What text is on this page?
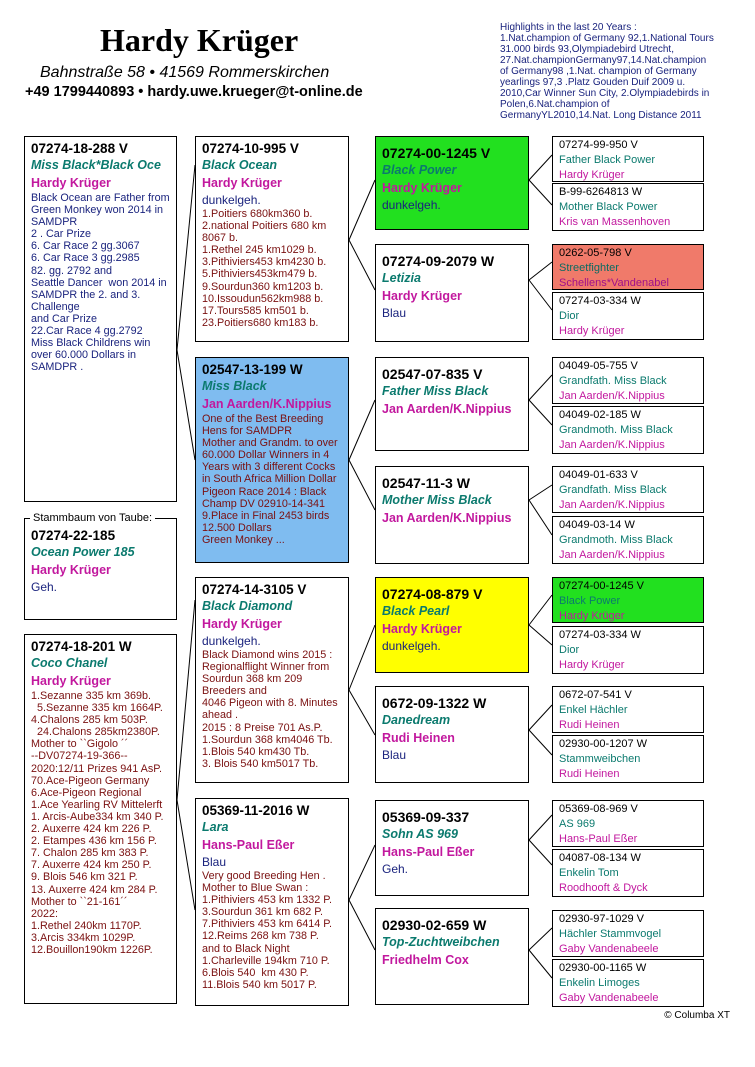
Hardy Krüger
Bahnstraße 58 • 41569 Rommerskirchen
+49 1799440893 • hardy.uwe.krueger@t-online.de
Highlights in the last 20 Years :
1.Nat.champion of Germany 92,1.National Tours 31.000 birds 93,Olympiadebird Utrecht, 27.Nat.championGermany97,14.Nat.champion of Germany98 ,1.Nat. champion of Germany yearlings 97,3 .Platz Gouden Duif 2009 u. 2010,Car Winner Sun City, 2.Olympiadebirds in Polen,6.Nat.champion of GermanyYL2010,14.Nat. Long Distance 2011
07274-18-288 V
Miss Black*Black Oce
Hardy Krüger
Black Ocean are Father from Green Monkey won 2014 in SAMDPR
2 . Car Prize
6. Car Race 2 gg.3067
6. Car Race 3 gg.2985
82. gg. 2792 and
Seattle Dancer  won 2014 in SAMDPR the 2. and 3. Challenge
and Car Prize
22.Car Race 4 gg.2792
Miss Black Childrens win over 60.000 Dollars in SAMDPR .
07274-22-185
Ocean Power 185
Hardy Krüger
Geh.
Stammbaum von Taube:
07274-18-201 W
Coco Chanel
Hardy Krüger
1.Sezanne 335 km 369b.
5.Sezanne 335 km 1664P.
4.Chalons 285 km 503P.
24.Chalons 285km2380P.
Mother to ``Gigolo ´´
--DV07274-19-366--
2020:12/11 Prizes 941 AsP.
70.Ace-Pigeon Germany
6.Ace-Pigeon Regional
1.Ace Yearling RV Mittelerft
1. Arcis-Aube334 km 340 P.
2. Auxerre 424 km 226 P.
2. Etampes 436 km 156 P.
7. Chalon 285 km 383 P.
7. Auxerre 424 km 250 P.
9. Blois 546 km 321 P.
13. Auxerre 424 km 284 P.
Mother to ``21-161´´
2022:
1.Rethel 240km 1170P.
3.Arcis 334km 1029P.
12.Bouillon190km 1226P.
07274-10-995 V
Black Ocean
Hardy Krüger
dunkelgeh.
1.Poitiers 680km360 b.
2.national Poitiers 680 km 8067 b.
1.Rethel 245 km1029 b.
3.Pithiviers453 km4230 b.
5.Pithiviers453km479 b.
9.Sourdun360 km1203 b.
10.Issoudun562km988 b.
17.Tours585 km501 b.
23.Poitiers680 km183 b.
02547-13-199 W
Miss Black
Jan Aarden/K.Nippius
One of the Best Breeding Hens for SAMDPR
Mother and Grandm. to over 60.000 Dollar Winners in 4 Years with 3 different Cocks in South Africa Million Dollar Pigeon Race 2014 : Black Champ DV 02910-14-341
9.Place in Final 2453 birds 12.500 Dollars
Green Monkey ...
07274-14-3105 V
Black Diamond
Hardy Krüger
dunkelgeh.
Black Diamond wins 2015 : Regionalflight Winner from Sourdun 368 km 209 Breeders and
4046 Pigeon with 8. Minutes ahead .
2015 : 8 Preise 701 As.P.
1.Sourdun 368 km4046 Tb.
1.Blois 540 km430 Tb.
3. Blois 540 km5017 Tb.
05369-11-2016 W
Lara
Hans-Paul Eßer
Blau
Very good Breeding Hen .
Mother to Blue Swan :
1.Pithiviers 453 km 1332 P.
3.Sourdun 361 km 682 P.
7.Pithiviers 453 km 6414 P.
12.Reims 268 km 738 P.
and to Black Night
1.Charleville 194km 710 P.
6.Blois 540  km 430 P.
11.Blois 540 km 5017 P.
07274-00-1245 V
Black Power
Hardy Krüger
dunkelgeh.
07274-09-2079 W
Letizia
Hardy Krüger
Blau
02547-07-835 V
Father Miss Black
Jan Aarden/K.Nippius
02547-11-3 W
Mother Miss Black
Jan Aarden/K.Nippius
07274-08-879 V
Black Pearl
Hardy Krüger
dunkelgeh.
0672-09-1322 W
Danedream
Rudi Heinen
Blau
05369-09-337
Sohn AS 969
Hans-Paul Eßer
Geh.
02930-02-659 W
Top-Zuchtweibchen
Friedhelm Cox
07274-99-950 V
Father Black Power
Hardy Krüger
B-99-6264813 W
Mother Black Power
Kris van Massenhoven
0262-05-798 V
Streetfighter
Schellens*Vandenabel
07274-03-334 W
Dior
Hardy Krüger
04049-05-755 V
Grandfath. Miss Black
Jan Aarden/K.Nippius
04049-02-185 W
Grandmoth. Miss Black
Jan Aarden/K.Nippius
04049-01-633 V
Grandfath. Miss Black
Jan Aarden/K.Nippius
04049-03-14 W
Grandmoth. Miss Black
Jan Aarden/K.Nippius
07274-00-1245 V
Black Power
Hardy Krüger
07274-03-334 W
Dior
Hardy Krüger
0672-07-541 V
Enkel Hächler
Rudi Heinen
02930-00-1207 W
Stammweibchen
Rudi Heinen
05369-08-969 V
AS 969
Hans-Paul Eßer
04087-08-134 W
Enkelin Tom
Roodhooft & Dyck
02930-97-1029 V
Hächler Stammvogel
Gaby Vandenabeele
02930-00-1165 W
Enkelin Limoges
Gaby Vandenabeele
© Columba XT
